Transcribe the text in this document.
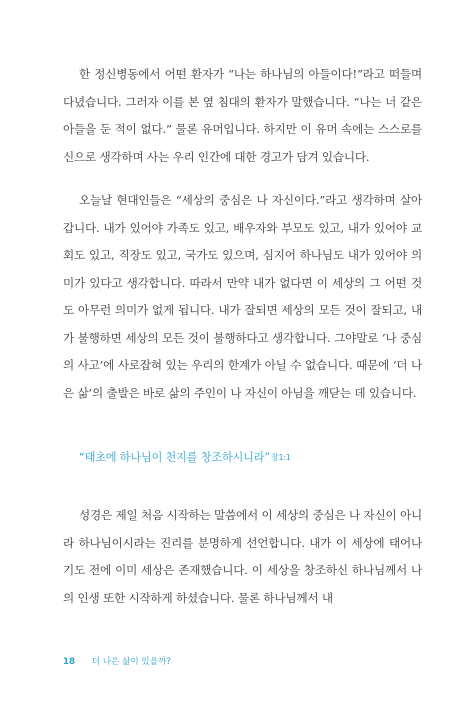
한 정신병동에서 어떤 환자가 “나는 하나님의 아들이다!”라고 떠들며 다녔습니다. 그러자 이를 본 옆 침대의 환자가 말했습니다. “나는 너 같은 아들을 둔 적이 없다.” 물론 유머입니다. 하지만 이 유머 속에는 스스로를 신으로 생각하며 사는 우리 인간에 대한 경고가 담겨 있습니다.

오늘날 현대인들은 “세상의 중심은 나 자신이다.”라고 생각하며 살아갑니다. 내가 있어야 가족도 있고, 배우자와 부모도 있고, 내가 있어야 교회도 있고, 직장도 있고, 국가도 있으며, 심지어 하나님도 내가 있어야 의미가 있다고 생각합니다. 따라서 만약 내가 없다면 이 세상의 그 어떤 것도 아무런 의미가 없게 됩니다. 내가 잘되면 세상의 모든 것이 잘되고, 내가 불행하면 세상의 모든 것이 불행하다고 생각합니다. 그야말로 ‘나 중심의 사고’에 사로잡혀 있는 우리의 한계가 아닐 수 없습니다. 때문에 ‘더 나은 삶’의 출발은 바로 삶의 주인이 나 자신이 아님을 깨닫는 데 있습니다.

“태초에 하나님이 천지를 창조하시니라”창1:1

성경은 제일 처음 시작하는 말씀에서 이 세상의 중심은 나 자신이 아니라 하나님이시라는 진리를 분명하게 선언합니다. 내가 이 세상에 태어나기도 전에 이미 세상은 존재했습니다. 이 세상을 창조하신 하나님께서 나의 인생 또한 시작하게 하셨습니다. 물론 하나님께서 내

18 더 나은 삶이 있을까?
